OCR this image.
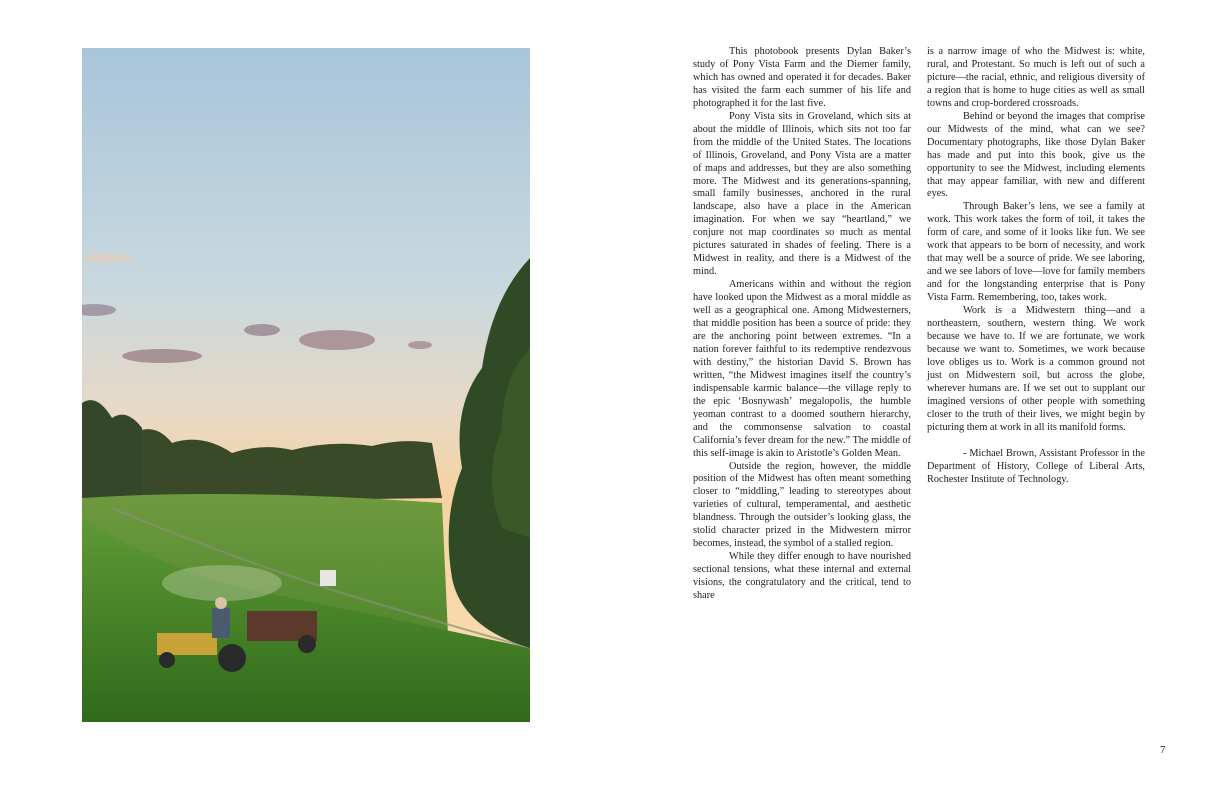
This photobook presents Dylan Baker’s study of Pony Vista Farm and the Diemer family, which has owned and operated it for decades. Baker has visited the farm each summer of his life and photographed it for the last five.

Pony Vista sits in Groveland, which sits at about the middle of Illinois, which sits not too far from the middle of the United States. The locations of Illinois, Groveland, and Pony Vista are a matter of maps and addresses, but they are also something more. The Midwest and its generations-spanning, small family businesses, anchored in the rural landscape, also have a place in the American imagination. For when we say “heartland,” we conjure not map coordinates so much as mental pictures saturated in shades of feeling. There is a Midwest in reality, and there is a Midwest of the mind.

Americans within and without the region have looked upon the Midwest as a moral middle as well as a geographical one. Among Midwesterners, that middle position has been a source of pride: they are the anchoring point between extremes. “In a nation forever faithful to its redemptive rendezvous with destiny,” the historian David S. Brown has written, “the Midwest imagines itself the country’s indispensable karmic balance—the village reply to the epic ‘Bosnywash’ megalopolis, the humble yeoman contrast to a doomed southern hierarchy, and the commonsense salvation to coastal California’s fever dream for the new.” The middle of this self-image is akin to Aristotle’s Golden Mean.

Outside the region, however, the middle position of the Midwest has often meant something closer to “middling,” leading to stereotypes about varieties of cultural, temperamental, and aesthetic blandness. Through the outsider’s looking glass, the stolid character prized in the Midwestern mirror becomes, instead, the symbol of a stalled region.

While they differ enough to have nourished sectional tensions, what these internal and external visions, the congratulatory and the critical, tend to share

is a narrow image of who the Midwest is: white, rural, and Protestant. So much is left out of such a picture—the racial, ethnic, and religious diversity of a region that is home to huge cities as well as small towns and crop-bordered crossroads.

Behind or beyond the images that comprise our Midwests of the mind, what can we see? Documentary photographs, like those Dylan Baker has made and put into this book, give us the opportunity to see the Midwest, including elements that may appear familiar, with new and different eyes.

Through Baker’s lens, we see a family at work. This work takes the form of toil, it takes the form of care, and some of it looks like fun. We see work that appears to be born of necessity, and work that may well be a source of pride. We see laboring, and we see labors of love—love for family members and for the longstanding enterprise that is Pony Vista Farm. Remembering, too, takes work.

Work is a Midwestern thing—and a northeastern, southern, western thing. We work because we have to. If we are fortunate, we work because we want to. Sometimes, we work because love obliges us to. Work is a common ground not just on Midwestern soil, but across the globe, wherever humans are. If we set out to supplant our imagined versions of other people with something closer to the truth of their lives, we might begin by picturing them at work in all its manifold forms.

- Michael Brown, Assistant Professor in the Department of History, College of Liberal Arts, Rochester Institute of Technology.

7
